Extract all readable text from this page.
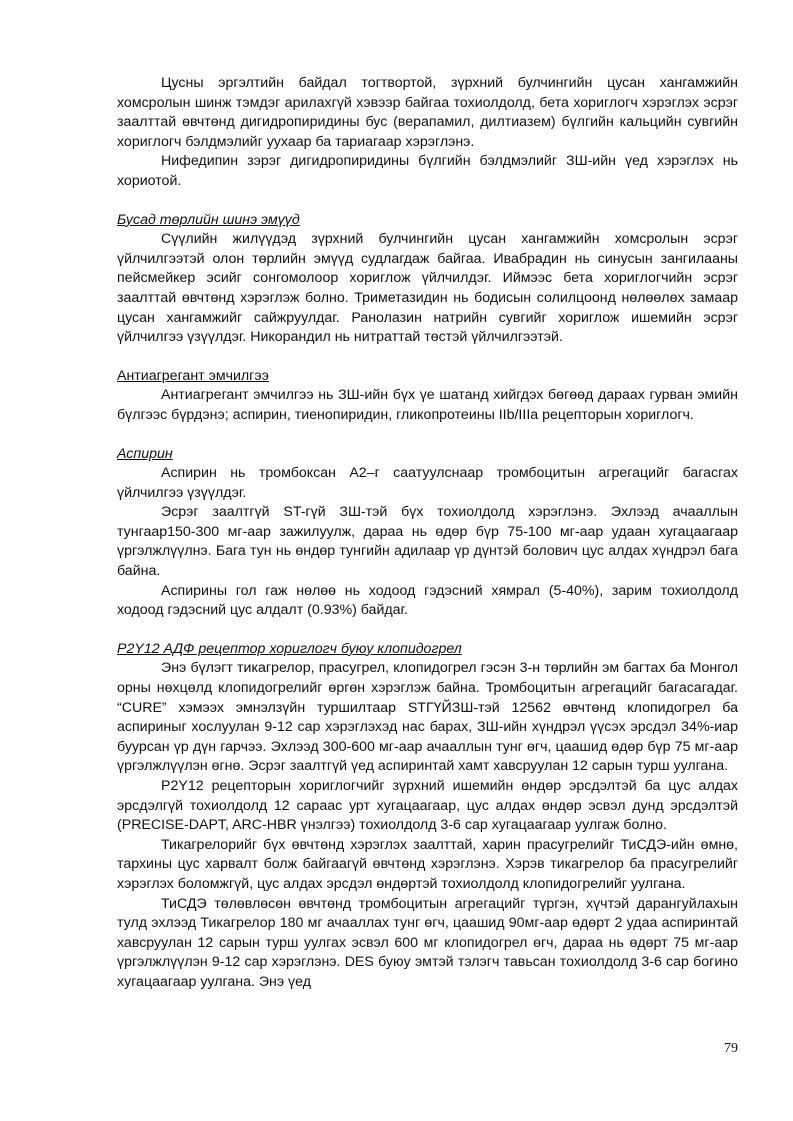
Цусны эргэлтийн байдал тогтвортой, зүрхний булчингийн цусан хангамжийн хомсролын шинж тэмдэг арилахгүй хэвээр байгаа тохиолдолд, бета хориглогч хэрэглэх эсрэг заалттай өвчтөнд дигидропиридины бус (верапамил, дилтиазем) бүлгийн кальцийн сувгийн хориглогч бэлдмэлийг уухаар ба тариагаар хэрэглэнэ.

Нифедипин зэрэг дигидропиридины бүлгийн бэлдмэлийг ЗШ-ийн үед хэрэглэх нь хориотой.

Бусад төрлийн шинэ эмүүд

Сүүлийн жилүүдэд зүрхний булчингийн цусан хангамжийн хомсролын эсрэг үйлчилгээтэй олон төрлийн эмүүд судлагдаж байгаа. Ивабрадин нь синусын зангилааны пейсмейкер эсийг сонгомолоор хориглож үйлчилдэг. Иймээс бета хориглогчийн эсрэг заалттай өвчтөнд хэрэглэж болно. Триметазидин нь бодисын солилцоонд нөлөөлөх замаар цусан хангамжийг сайжруулдаг. Ранолазин натрийн сувгийг хориглож ишемийн эсрэг үйлчилгээ үзүүлдэг. Никорандил нь нитраттай төстэй үйлчилгээтэй.

Антиагрегант эмчилгээ

Антиагрегант эмчилгээ нь ЗШ-ийн бүх үе шатанд хийгдэх бөгөөд дараах гурван эмийн бүлгээс бүрдэнэ; аспирин, тиенопиридин, гликопротеины IIb/IIIa рецепторын хориглогч.

Аспирин

Аспирин нь тромбоксан А2–г саатуулснаар тромбоцитын агрегацийг багасгах үйлчилгээ үзүүлдэг.

Эсрэг заалтгүй ST-гүй ЗШ-тэй бүх тохиолдолд хэрэглэнэ. Эхлээд ачааллын тунгаар150-300 мг-аар зажилуулж, дараа нь өдөр бүр 75-100 мг-аар удаан хугацаагаар үргэлжлүүлнэ. Бага тун нь өндөр тунгийн адилаар үр дүнтэй болович цус алдах хүндрэл бага байна.

Аспирины гол гаж нөлөө нь ходоод гэдэсний хямрал (5-40%), зарим тохиолдолд ходоод гэдэсний цус алдалт (0.93%) байдаг.

P2Y12 АДФ рецептор хориглогч буюу клопидогрел

Энэ бүлэгт тикагрелор, прасугрел, клопидогрел гэсэн 3-н төрлийн эм багтах ба Монгол орны нөхцөлд клопидогрелийг өргөн хэрэглэж байна. Тромбоцитын агрегацийг багасагадаг. “CURE” хэмээх эмнэлзүйн туршилтаар STГҮЙЗШ-тэй 12562 өвчтөнд клопидогрел ба аспириныг хослуулан 9-12 сар хэрэглэхэд нас барах, ЗШ-ийн хүндрэл үүсэх эрсдэл 34%-иар буурсан үр дүн гарчээ. Эхлээд 300-600 мг-аар ачааллын тунг өгч, цаашид өдөр бүр 75 мг-аар үргэлжлүүлэн өгнө. Эсрэг заалтгүй үед аспиринтай хамт хавсруулан 12 сарын турш уулгана.

P2Y12 рецепторын хориглогчийг зүрхний ишемийн өндөр эрсдэлтэй ба цус алдах эрсдэлгүй тохиолдолд 12 сараас урт хугацаагаар, цус алдах өндөр эсвэл дунд эрсдэлтэй (PRECISE-DAPT, ARC-HBR үнэлгээ) тохиолдолд 3-6 сар хугацаагаар уулгаж болно.

Тикагрелорийг бүх өвчтөнд хэрэглэх заалттай, харин прасугрелийг ТиСДЭ-ийн өмнө, тархины цус харвалт болж байгаагүй өвчтөнд хэрэглэнэ. Хэрэв тикагрелор ба прасугрелийг хэрэглэх боломжгүй, цус алдах эрсдэл өндөртэй тохиолдолд клопидогрелийг уулгана.

ТиСДЭ төлөвлөсөн өвчтөнд тромбоцитын агрегацийг түргэн, хүчтэй дарангуйлахын тулд эхлээд Тикагрелор 180 мг ачааллах тунг өгч, цаашид 90мг-аар өдөрт 2 удаа аспиринтай хавсруулан 12 сарын турш уулгах эсвэл 600 мг клопидогрел өгч, дараа нь өдөрт 75 мг-аар үргэлжлүүлэн 9-12 сар хэрэглэнэ. DES буюу эмтэй тэлэгч тавьсан тохиолдолд 3-6 сар богино хугацаагаар уулгана. Энэ үед

79
